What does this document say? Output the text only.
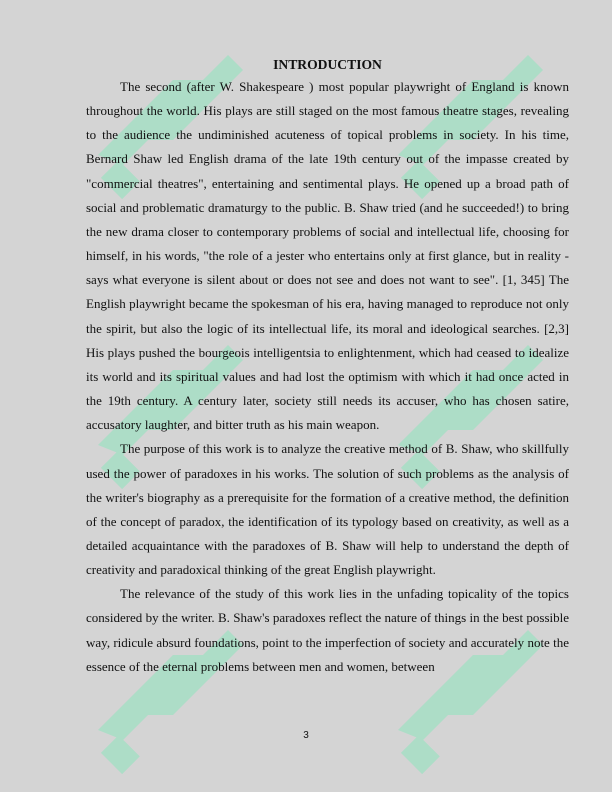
INTRODUCTION

The second (after W. Shakespeare ) most popular playwright of England is known throughout the world. His plays are still staged on the most famous theatre stages, revealing to the audience the undiminished acuteness of topical problems in society. In his time, Bernard Shaw led English drama of the late 19th century out of the impasse created by "commercial theatres", entertaining and sentimental plays. He opened up a broad path of social and problematic dramaturgy to the public. B. Shaw tried (and he succeeded!) to bring the new drama closer to contemporary problems of social and intellectual life, choosing for himself, in his words, "the role of a jester who entertains only at first glance, but in reality - says what everyone is silent about or does not see and does not want to see". [1, 345] The English playwright became the spokesman of his era, having managed to reproduce not only the spirit, but also the logic of its intellectual life, its moral and ideological searches. [2,3] His plays pushed the bourgeois intelligentsia to enlightenment, which had ceased to idealize its world and its spiritual values and had lost the optimism with which it had once acted in the 19th century. A century later, society still needs its accuser, who has chosen satire, accusatory laughter, and bitter truth as his main weapon.

The purpose of this work is to analyze the creative method of B. Shaw, who skillfully used the power of paradoxes in his works. The solution of such problems as the analysis of the writer's biography as a prerequisite for the formation of a creative method, the definition of the concept of paradox, the identification of its typology based on creativity, as well as a detailed acquaintance with the paradoxes of B. Shaw will help to understand the depth of creativity and paradoxical thinking of the great English playwright.

The relevance of the study of this work lies in the unfading topicality of the topics considered by the writer. B. Shaw's paradoxes reflect the nature of things in the best possible way, ridicule absurd foundations, point to the imperfection of society and accurately note the essence of the eternal problems between men and women, between

3
